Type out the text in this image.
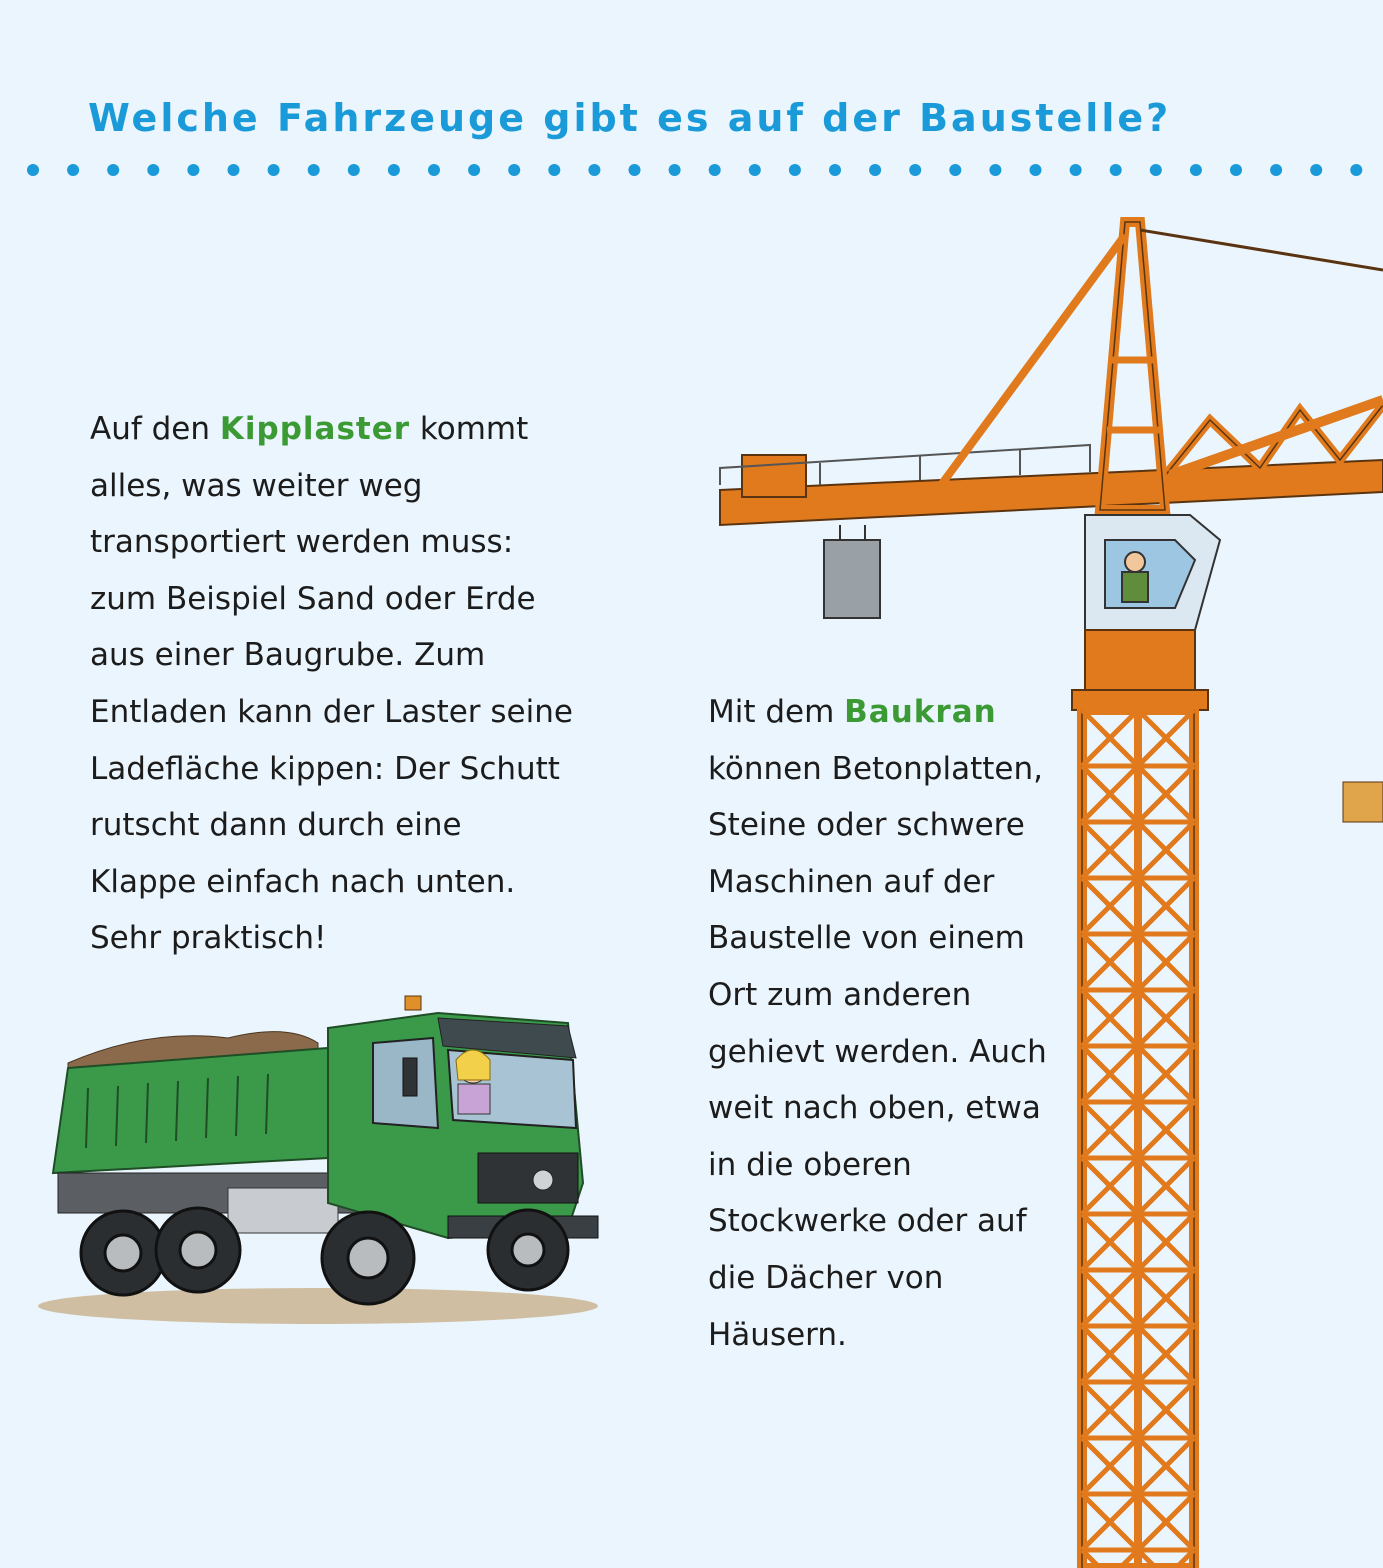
Welche Fahrzeuge gibt es auf der Baustelle?

Auf den Kipplaster kommt
alles, was weiter weg
transportiert werden muss:
zum Beispiel Sand oder Erde
aus einer Baugrube. Zum
Entladen kann der Laster seine
Ladefläche kippen: Der Schutt
rutscht dann durch eine
Klappe einfach nach unten.
Sehr praktisch!

Mit dem Baukran
können Betonplatten,
Steine oder schwere
Maschinen auf der
Baustelle von einem
Ort zum anderen
gehievt werden. Auch
weit nach oben, etwa
in die oberen
Stockwerke oder auf
die Dächer von
Häusern.
